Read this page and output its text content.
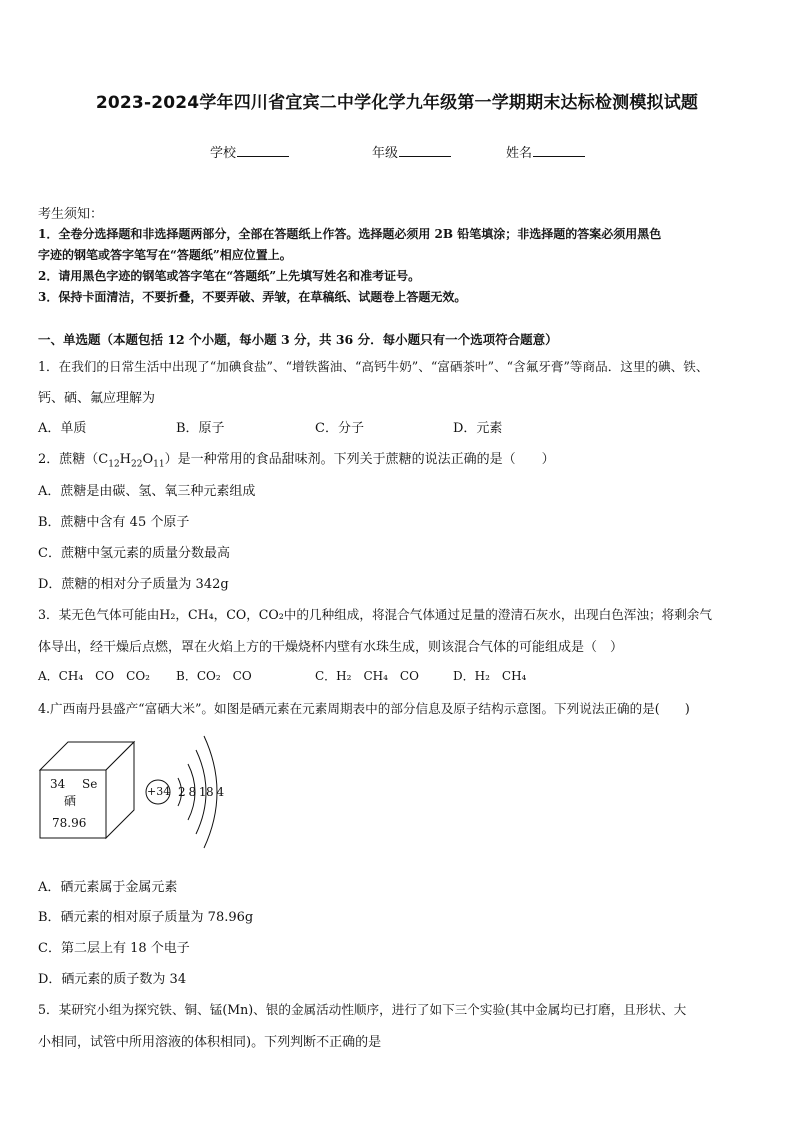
2023-2024学年四川省宜宾二中学化学九年级第一学期期末达标检测模拟试题
学校	年级	姓名
考生须知：
1．全卷分选择题和非选择题两部分，全部在答题纸上作答。选择题必须用 2B 铅笔填涂；非选择题的答案必须用黑色
字迹的钢笔或答字笔写在“答题纸”相应位置上。
2．请用黑色字迹的钢笔或答字笔在“答题纸”上先填写姓名和准考证号。
3．保持卡面清洁，不要折叠，不要弄破、弄皱，在草稿纸、试题卷上答题无效。
一、单选题（本题包括 12 个小题，每小题 3 分，共 36 分．每小题只有一个选项符合题意）
1．在我们的日常生活中出现了“加碘食盐”、“增铁酱油、“高钙牛奶”、“富硒茶叶”、“含氟牙膏”等商品．这里的碘、铁、
钙、硒、氟应理解为
A．单质	B．原子	C．分子	D．元素
2．蔗糖$(C_{12}H_{22}O_{11})$是一种常用的食品甜味剂。下列关于蔗糖的说法正确的是（　　）
A．蔗糖是由碳、氢、氧三种元素组成
B．蔗糖中含有 45 个原子
C．蔗糖中氢元素的质量分数最高
D．蔗糖的相对分子质量为 342g
3．某无色气体可能由H₂，CH₄，CO，CO₂中的几种组成，将混合气体通过足量的澄清石灰水，出现白色浑浊；将剩余气
体导出，经干燥后点燃，罩在火焰上方的干燥烧杯内壁有水珠生成，则该混合气体的可能组成是（　）
A．CH₄　CO　CO₂ B．CO₂　CO	C．H₂　CH₄　CO	D．H₂　CH₄
4.广西南丹县盛产“富硒大米”。如图是硒元素在元素周期表中的部分信息及原子结构示意图。下列说法正确的是(　　)
34 Se
硒
78.96
+34 2 8 18 4
A．硒元素属于金属元素
B．硒元素的相对原子质量为 78.96g
C．第二层上有 18 个电子
D．硒元素的质子数为 34
5．某研究小组为探究铁、铜、锰(Mn)、银的金属活动性顺序，进行了如下三个实验(其中金属均已打磨，且形状、大
小相同，试管中所用溶液的体积相同)。下列判断不正确的是
